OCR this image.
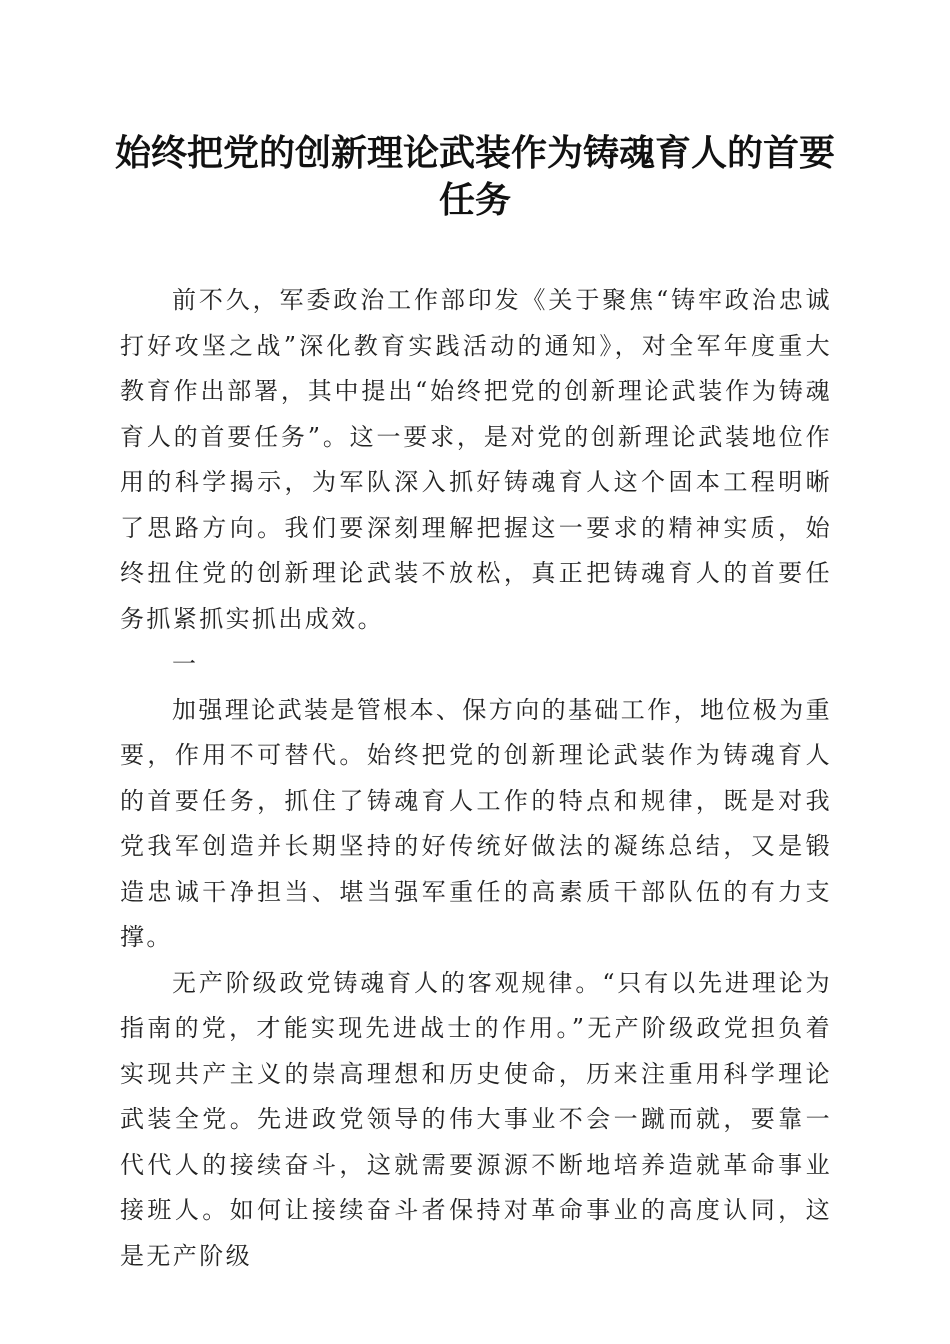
始终把党的创新理论武装作为铸魂育人的首要任务

前不久，军委政治工作部印发《关于聚焦“铸牢政治忠诚打好攻坚之战”深化教育实践活动的通知》，对全军年度重大教育作出部署，其中提出“始终把党的创新理论武装作为铸魂育人的首要任务”。这一要求，是对党的创新理论武装地位作用的科学揭示，为军队深入抓好铸魂育人这个固本工程明晰了思路方向。我们要深刻理解把握这一要求的精神实质，始终扭住党的创新理论武装不放松，真正把铸魂育人的首要任务抓紧抓实抓出成效。

一

加强理论武装是管根本、保方向的基础工作，地位极为重要，作用不可替代。始终把党的创新理论武装作为铸魂育人的首要任务，抓住了铸魂育人工作的特点和规律，既是对我党我军创造并长期坚持的好传统好做法的凝练总结，又是锻造忠诚干净担当、堪当强军重任的高素质干部队伍的有力支撑。

无产阶级政党铸魂育人的客观规律。“只有以先进理论为指南的党，才能实现先进战士的作用。”无产阶级政党担负着实现共产主义的崇高理想和历史使命，历来注重用科学理论武装全党。先进政党领导的伟大事业不会一蹴而就，要靠一代代人的接续奋斗，这就需要源源不断地培养造就革命事业接班人。如何让接续奋斗者保持对革命事业的高度认同，这是无产阶级
